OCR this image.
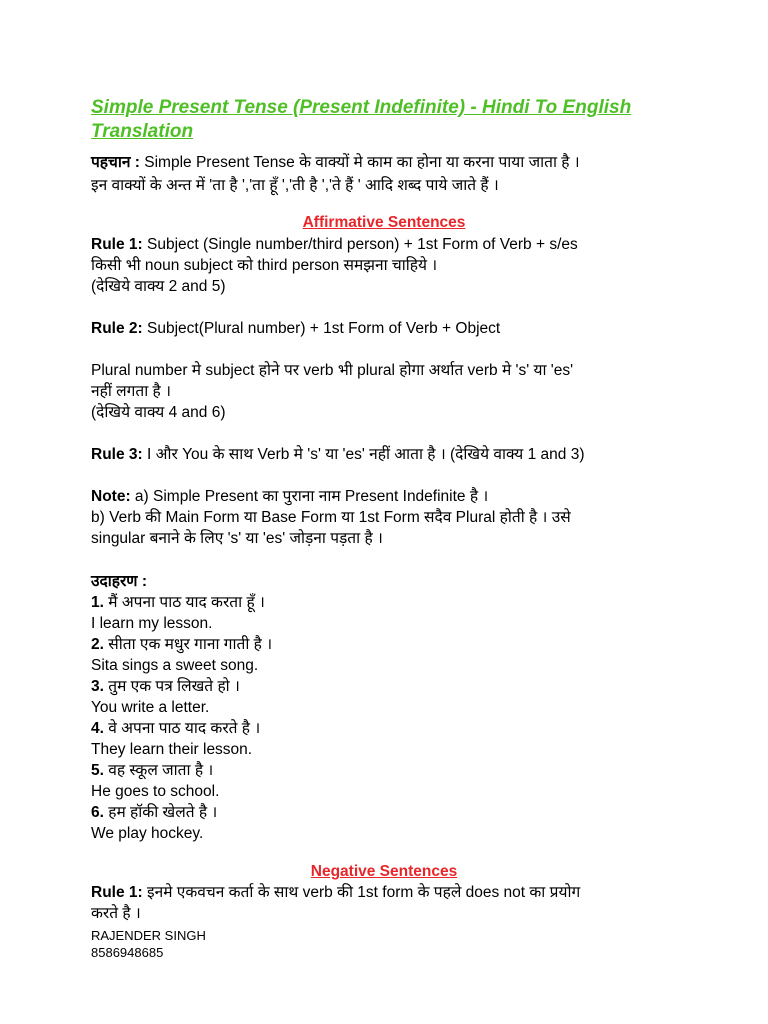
Simple Present Tense (Present Indefinite) - Hindi To English Translation
पहचान : Simple Present Tense के वाक्यों मे काम का होना या करना पाया जाता है ।
इन वाक्यों के अन्त में 'ता है ','ता हूँ ','ती है ','ते हैं ' आदि शब्द पाये जाते हैं ।
Affirmative Sentences
Rule 1: Subject (Single number/third person) + 1st Form of Verb + s/es
किसी भी noun subject को third person समझना चाहिये ।
(देखिये वाक्य 2 and 5)
Rule 2: Subject(Plural number) + 1st Form of Verb + Object
Plural number मे subject होने पर verb भी plural होगा अर्थात verb मे 's' या 'es'
नहीं लगता है ।
(देखिये वाक्य 4 and 6)
Rule 3: I और You के साथ Verb मे 's' या 'es' नहीं आता है । (देखिये वाक्य 1 and 3)
Note: a) Simple Present का पुराना नाम Present Indefinite है ।
b) Verb की Main Form या Base Form या 1st Form सदैव Plural होती है । उसे
singular बनाने के लिए 's' या 'es' जोड़ना पड़ता है ।
उदाहरण :
1. मैं अपना पाठ याद करता हूँ ।
I learn my lesson.
2. सीता एक मधुर गाना गाती है ।
Sita sings a sweet song.
3. तुम एक पत्र लिखते हो ।
You write a letter.
4. वे अपना पाठ याद करते है ।
They learn their lesson.
5. वह स्कूल जाता है ।
He goes to school.
6. हम हॉकी खेलते है ।
We play hockey.
Negative Sentences
Rule 1: इनमे एकवचन कर्ता के साथ verb की 1st form के पहले does not का प्रयोग
करते है ।
RAJENDER SINGH
8586948685
